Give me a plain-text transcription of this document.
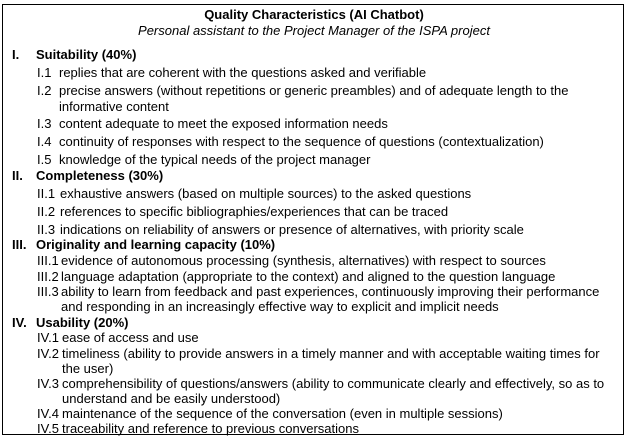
Quality Characteristics (AI Chatbot)
Personal assistant to the Project Manager of the ISPA project
I. Suitability (40%)
I.1 replies that are coherent with the questions asked and verifiable
I.2 precise answers (without repetitions or generic preambles) and of adequate length to the
informative content
I.3 content adequate to meet the exposed information needs
I.4 continuity of responses with respect to the sequence of questions (contextualization)
I.5 knowledge of the typical needs of the project manager
II. Completeness (30%)
II.1 exhaustive answers (based on multiple sources) to the asked questions
II.2 references to specific bibliographies/experiences that can be traced
II.3 indications on reliability of answers or presence of alternatives, with priority scale
III. Originality and learning capacity (10%)
III.1 evidence of autonomous processing (synthesis, alternatives) with respect to sources
III.2 language adaptation (appropriate to the context) and aligned to the question language
III.3 ability to learn from feedback and past experiences, continuously improving their performance
and responding in an increasingly effective way to explicit and implicit needs
IV. Usability (20%)
IV.1 ease of access and use
IV.2 timeliness (ability to provide answers in a timely manner and with acceptable waiting times for
the user)
IV.3 comprehensibility of questions/answers (ability to communicate clearly and effectively, so as to
understand and be easily understood)
IV.4 maintenance of the sequence of the conversation (even in multiple sessions)
IV.5 traceability and reference to previous conversations
